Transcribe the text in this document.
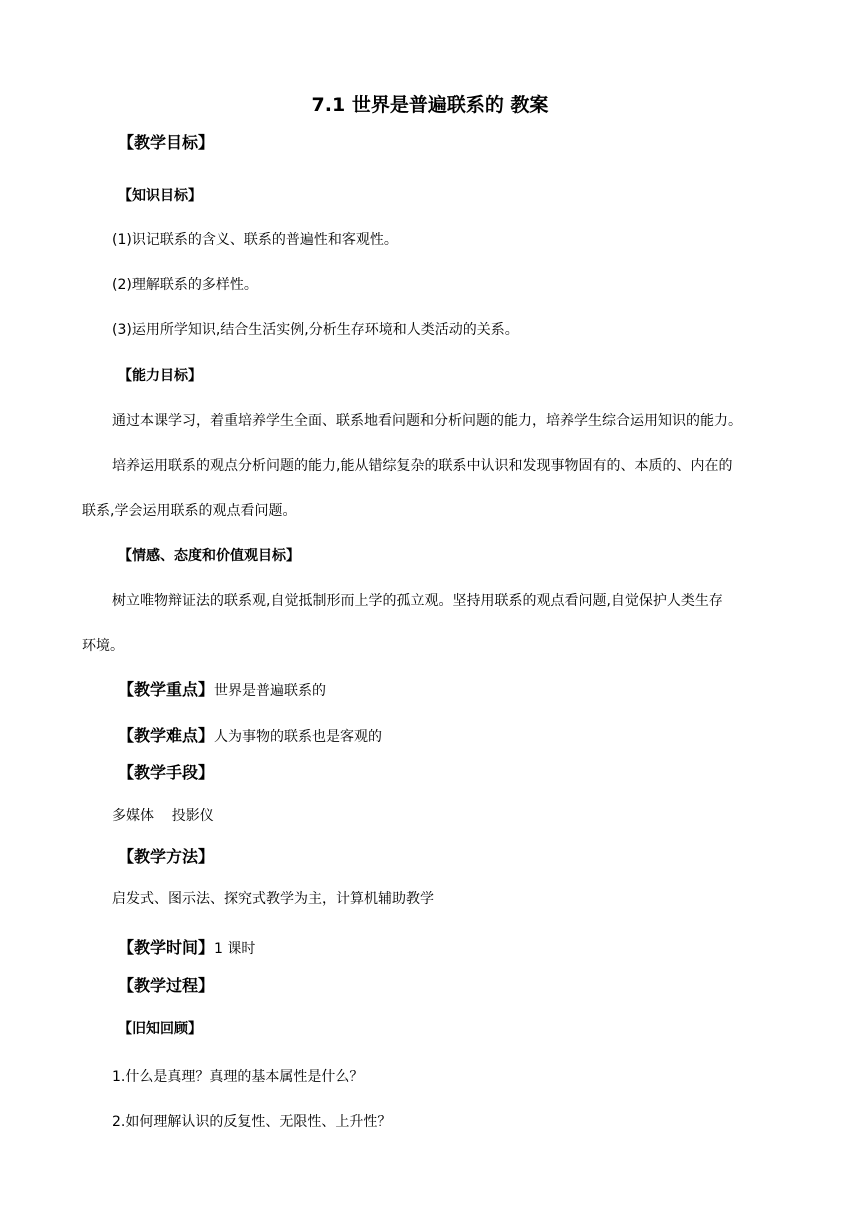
7.1 世界是普遍联系的 教案
【教学目标】
【知识目标】
(1)识记联系的含义、联系的普遍性和客观性。
(2)理解联系的多样性。
(3)运用所学知识,结合生活实例,分析生存环境和人类活动的关系。
【能力目标】
通过本课学习，着重培养学生全面、联系地看问题和分析问题的能力，培养学生综合运用知识的能力。
培养运用联系的观点分析问题的能力,能从错综复杂的联系中认识和发现事物固有的、本质的、内在的
联系,学会运用联系的观点看问题。
【情感、态度和价值观目标】
树立唯物辩证法的联系观,自觉抵制形而上学的孤立观。坚持用联系的观点看问题,自觉保护人类生存
环境。
【教学重点】世界是普遍联系的
【教学难点】人为事物的联系也是客观的
【教学手段】
多媒体    投影仪
【教学方法】
启发式、图示法、探究式教学为主，计算机辅助教学
【教学时间】1 课时
【教学过程】
【旧知回顾】
1.什么是真理？真理的基本属性是什么？
2.如何理解认识的反复性、无限性、上升性？
